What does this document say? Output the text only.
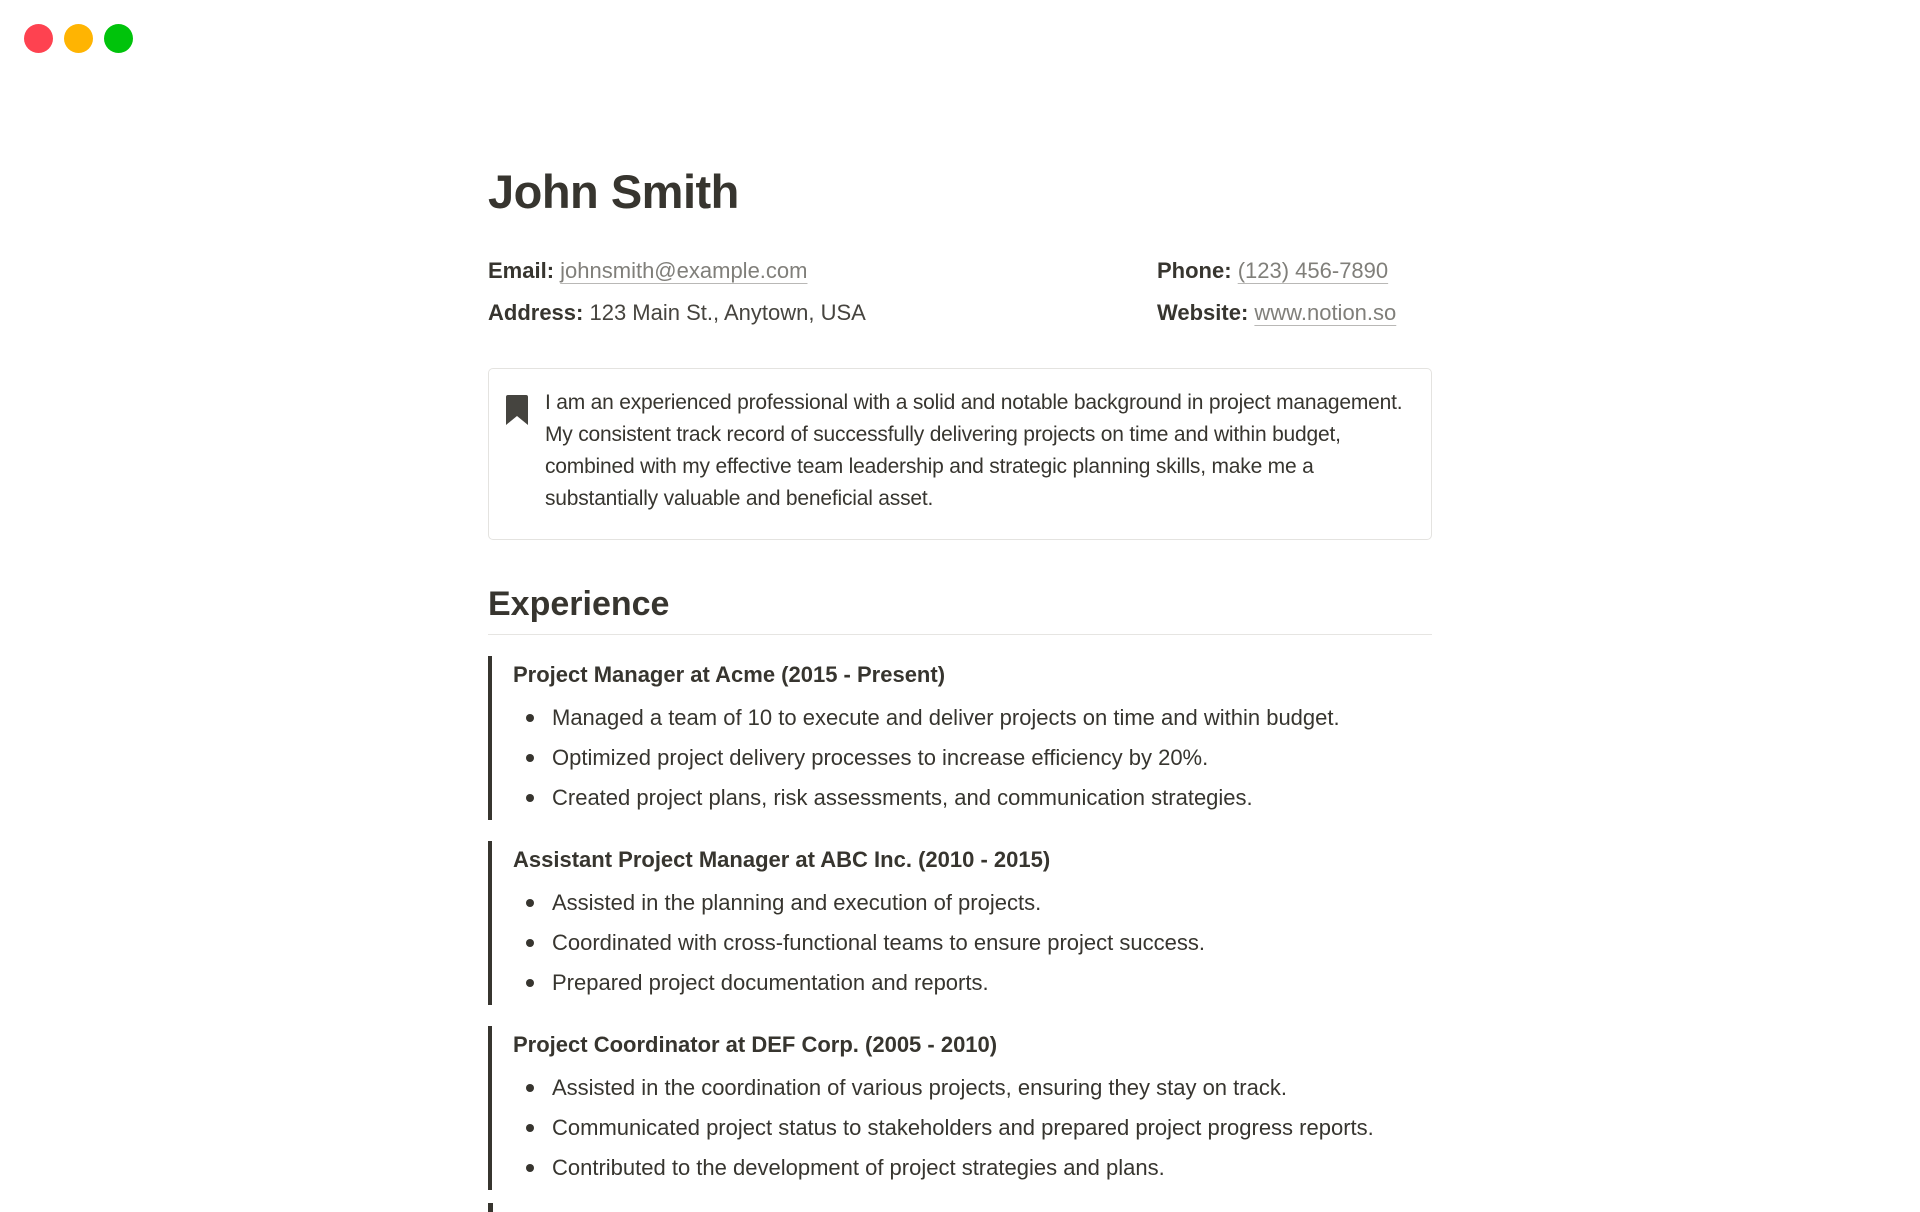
John Smith
Email: johnsmith@example.com
Address: 123 Main St., Anytown, USA
Phone: (123) 456-7890
Website: www.notion.so
I am an experienced professional with a solid and notable background in project management. My consistent track record of successfully delivering projects on time and within budget, combined with my effective team leadership and strategic planning skills, make me a substantially valuable and beneficial asset.
Experience
Project Manager at Acme (2015 - Present)
Managed a team of 10 to execute and deliver projects on time and within budget.
Optimized project delivery processes to increase efficiency by 20%.
Created project plans, risk assessments, and communication strategies.
Assistant Project Manager at ABC Inc. (2010 - 2015)
Assisted in the planning and execution of projects.
Coordinated with cross-functional teams to ensure project success.
Prepared project documentation and reports.
Project Coordinator at DEF Corp. (2005 - 2010)
Assisted in the coordination of various projects, ensuring they stay on track.
Communicated project status to stakeholders and prepared project progress reports.
Contributed to the development of project strategies and plans.
